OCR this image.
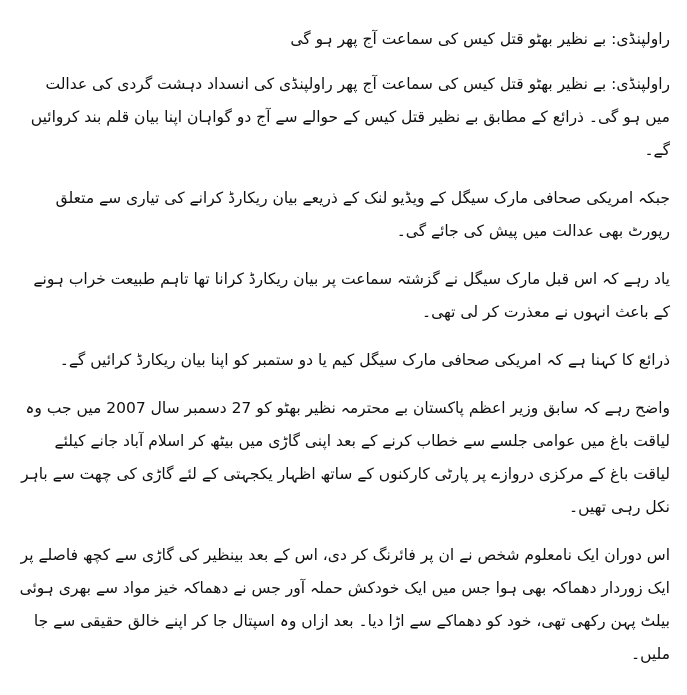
راولپنڈی: بے نظیر بھٹو قتل کیس کی سماعت آج پھر ہو گی
راولپنڈی: بے نظیر بھٹو قتل کیس کی سماعت آج پھر راولپنڈی کی انسداد دہشت گردی کی عدالت میں ہو گی۔ ذرائع کے مطابق بے نظیر قتل کیس کے حوالے سے آج دو گواہان اپنا بیان قلم بند کروائیں گے۔
جبکہ امریکی صحافی مارک سیگل کے ویڈیو لنک کے ذریعے بیان ریکارڈ کرانے کی تیاری سے متعلق رپورٹ بھی عدالت میں پیش کی جائے گی۔
یاد رہے کہ اس قبل مارک سیگل نے گزشتہ سماعت پر بیان ریکارڈ کرانا تھا تاہم طبیعت خراب ہونے کے باعث انہوں نے معذرت کر لی تھی۔
ذرائع کا کہنا ہے کہ امریکی صحافی مارک سیگل کیم یا دو ستمبر کو اپنا بیان ریکارڈ کرائیں گے۔
واضح رہے کہ سابق وزیر اعظم پاکستان بے محترمہ نظیر بھٹو کو 27 دسمبر سال 2007 میں جب وہ لیاقت باغ میں عوامی جلسے سے خطاب کرنے کے بعد اپنی گاڑی میں بیٹھ کر اسلام آباد جانے کیلئے لیاقت باغ کے مرکزی دروازے پر پارٹی کارکنوں کے ساتھ اظہار یکجہتی کے لئے گاڑی کی چھت سے باہر نکل رہی تھیں۔
اس دوران ایک نامعلوم شخص نے ان پر فائرنگ کر دی، اس کے بعد بینظیر کی گاڑی سے کچھ فاصلے پر ایک زوردار دھماکہ بھی ہوا جس میں ایک خودکش حملہ آور جس نے دھماکہ خیز مواد سے بھری ہوئی بیلٹ پہن رکھی تھی، خود کو دھماکے سے اڑا دیا۔ بعد ازاں وہ اسپتال جا کر اپنے خالق حقیقی سے جا ملیں۔
